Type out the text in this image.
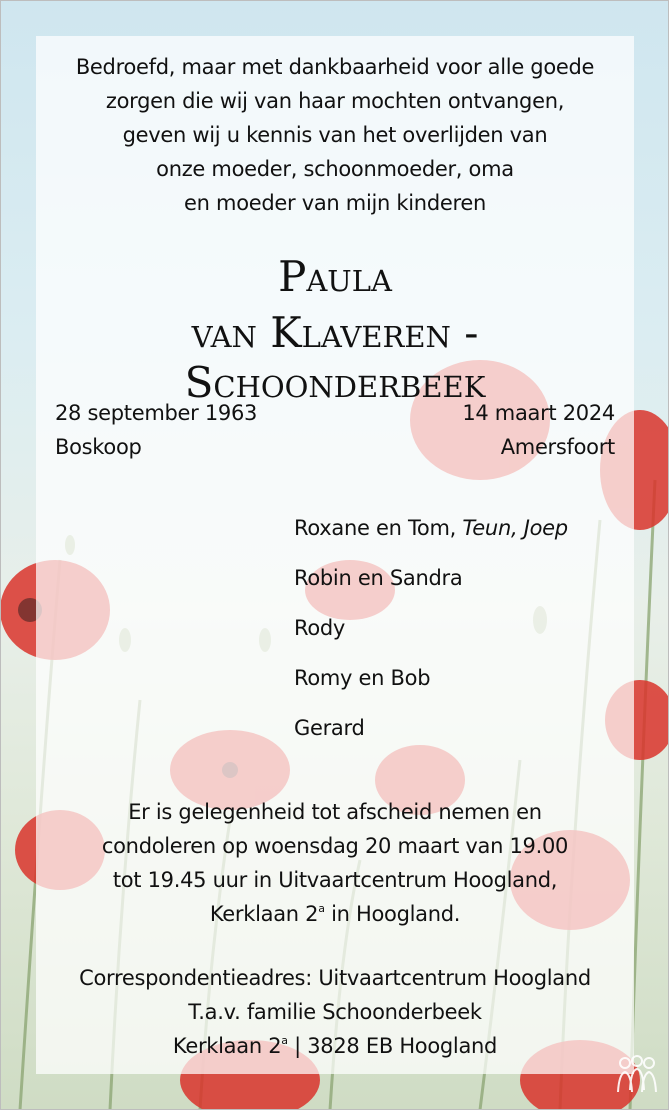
Bedroefd, maar met dankbaarheid voor alle goede
zorgen die wij van haar mochten ontvangen,
geven wij u kennis van het overlijden van
onze moeder, schoonmoeder, oma
en moeder van mijn kinderen
Paula
van Klaveren - Schoonderbeek
28 september 1963	14 maart 2024
Boskoop	Amersfoort
Roxane en Tom, Teun, Joep
Robin en Sandra
Rody
Romy en Bob
Gerard
Er is gelegenheid tot afscheid nemen en
condoleren op woensdag 20 maart van 19.00
tot 19.45 uur in Uitvaartcentrum Hoogland,
Kerklaan 2$^a$ in Hoogland.
Correspondentieadres: Uitvaartcentrum Hoogland
T.a.v. familie Schoonderbeek
Kerklaan 2$^a$ | 3828 EB Hoogland
